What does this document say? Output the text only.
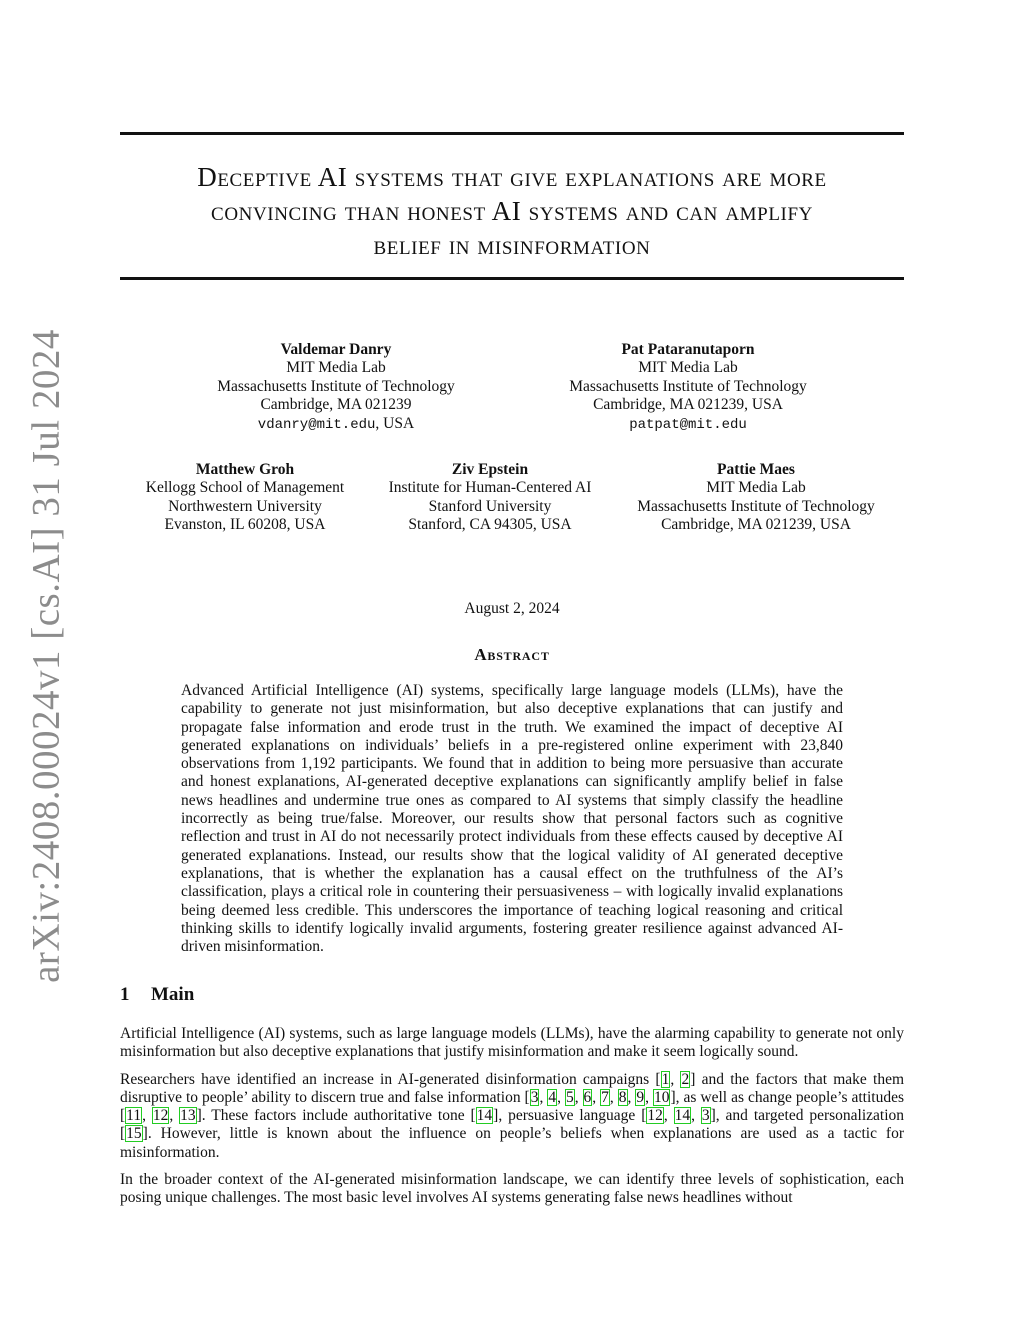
arXiv:2408.00024v1 [cs.AI] 31 Jul 2024
Deceptive AI systems that give explanations are more
convincing than honest AI systems and can amplify
belief in misinformation
Valdemar Danry
MIT Media Lab
Massachusetts Institute of Technology
Cambridge, MA 021239
vdanry@mit.edu, USA
Pat Pataranutaporn
MIT Media Lab
Massachusetts Institute of Technology
Cambridge, MA 021239, USA
patpat@mit.edu
Matthew Groh
Kellogg School of Management
Northwestern University
Evanston, IL 60208, USA
Ziv Epstein
Institute for Human-Centered AI
Stanford University
Stanford, CA 94305, USA
Pattie Maes
MIT Media Lab
Massachusetts Institute of Technology
Cambridge, MA 021239, USA
August 2, 2024
Abstract
Advanced Artificial Intelligence (AI) systems, specifically large language models (LLMs), have the capability to generate not just misinformation, but also deceptive explanations that can justify and propagate false information and erode trust in the truth. We examined the impact of deceptive AI generated explanations on individuals’ beliefs in a pre-registered online experiment with 23,840 observations from 1,192 participants. We found that in addition to being more persuasive than accurate and honest explanations, AI-generated deceptive explanations can significantly amplify belief in false news headlines and undermine true ones as compared to AI systems that simply classify the headline incorrectly as being true/false. Moreover, our results show that personal factors such as cognitive reflection and trust in AI do not necessarily protect individuals from these effects caused by deceptive AI generated explanations. Instead, our results show that the logical validity of AI generated deceptive explanations, that is whether the explanation has a causal effect on the truthfulness of the AI’s classification, plays a critical role in countering their persuasiveness – with logically invalid explanations being deemed less credible. This underscores the importance of teaching logical reasoning and critical thinking skills to identify logically invalid arguments, fostering greater resilience against advanced AI-driven misinformation.
1 Main

Artificial Intelligence (AI) systems, such as large language models (LLMs), have the alarming capability to generate not only misinformation but also deceptive explanations that justify misinformation and make it seem logically sound.

Researchers have identified an increase in AI-generated disinformation campaigns [1, 2] and the factors that make them disruptive to people’ ability to discern true and false information [3, 4, 5, 6, 7, 8, 9, 10], as well as change people’s attitudes [11, 12, 13]. These factors include authoritative tone [14], persuasive language [12, 14, 3], and targeted personalization [15]. However, little is known about the influence on people’s beliefs when explanations are used as a tactic for misinformation.

In the broader context of the AI-generated misinformation landscape, we can identify three levels of sophistication, each posing unique challenges. The most basic level involves AI systems generating false news headlines without
